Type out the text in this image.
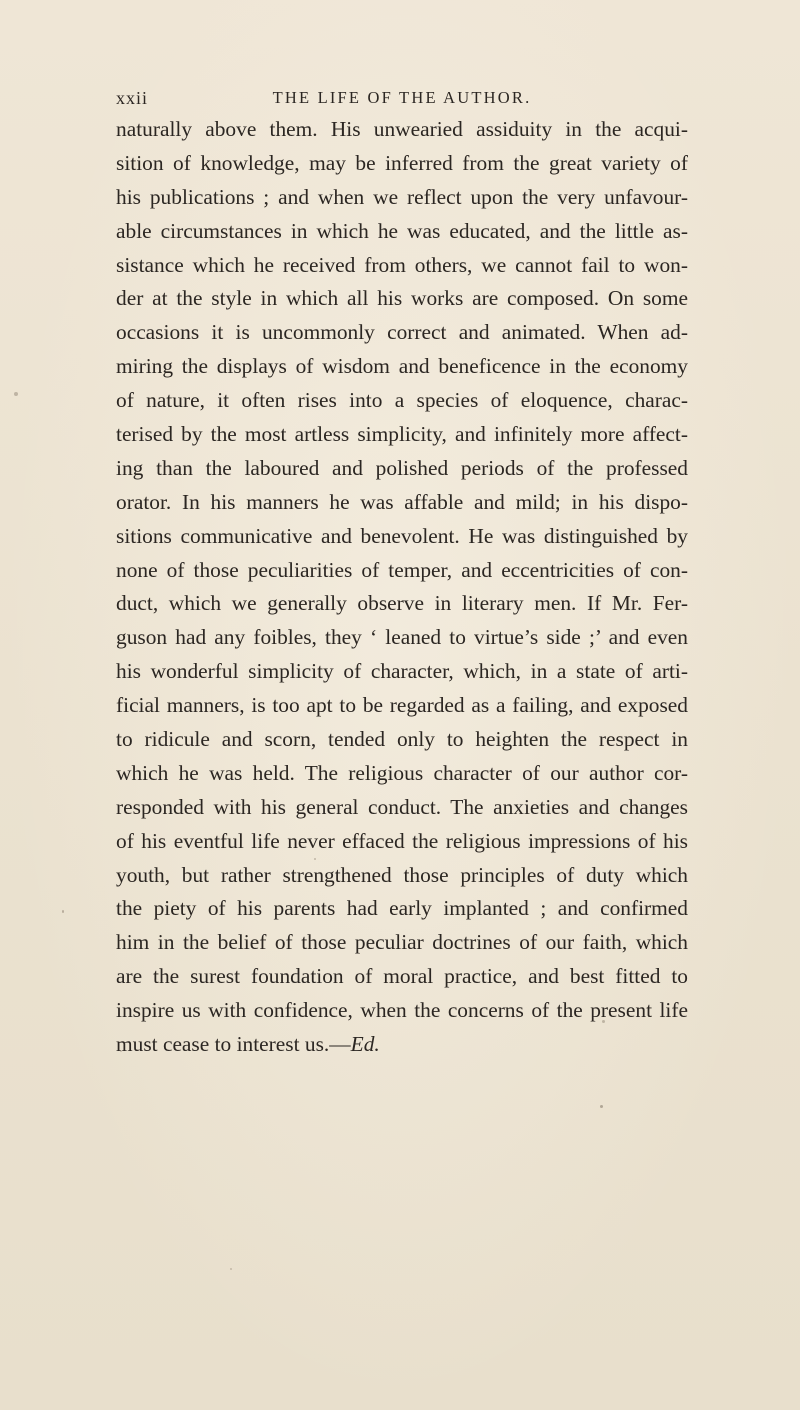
xxii	THE LIFE OF THE AUTHOR.
naturally above them. His unwearied assiduity in the acqui-
sition of knowledge, may be inferred from the great variety of
his publications ; and when we reflect upon the very unfavour-
able circumstances in which he was educated, and the little as-
sistance which he received from others, we cannot fail to won-
der at the style in which all his works are composed. On some
occasions it is uncommonly correct and animated. When ad-
miring the displays of wisdom and beneficence in the economy
of nature, it often rises into a species of eloquence, charac-
terised by the most artless simplicity, and infinitely more affect-
ing than the laboured and polished periods of the professed
orator. In his manners he was affable and mild; in his dispo-
sitions communicative and benevolent. He was distinguished by
none of those peculiarities of temper, and eccentricities of con-
duct, which we generally observe in literary men. If Mr. Fer-
guson had any foibles, they ‘ leaned to virtue’s side ;’ and even
his wonderful simplicity of character, which, in a state of arti-
ficial manners, is too apt to be regarded as a failing, and exposed
to ridicule and scorn, tended only to heighten the respect in
which he was held. The religious character of our author cor-
responded with his general conduct. The anxieties and changes
of his eventful life never effaced the religious impressions of his
youth, but rather strengthened those principles of duty which
the piety of his parents had early implanted ; and confirmed
him in the belief of those peculiar doctrines of our faith, which
are the surest foundation of moral practice, and best fitted to
inspire us with confidence, when the concerns of the present life
must cease to interest us.—Ed.
